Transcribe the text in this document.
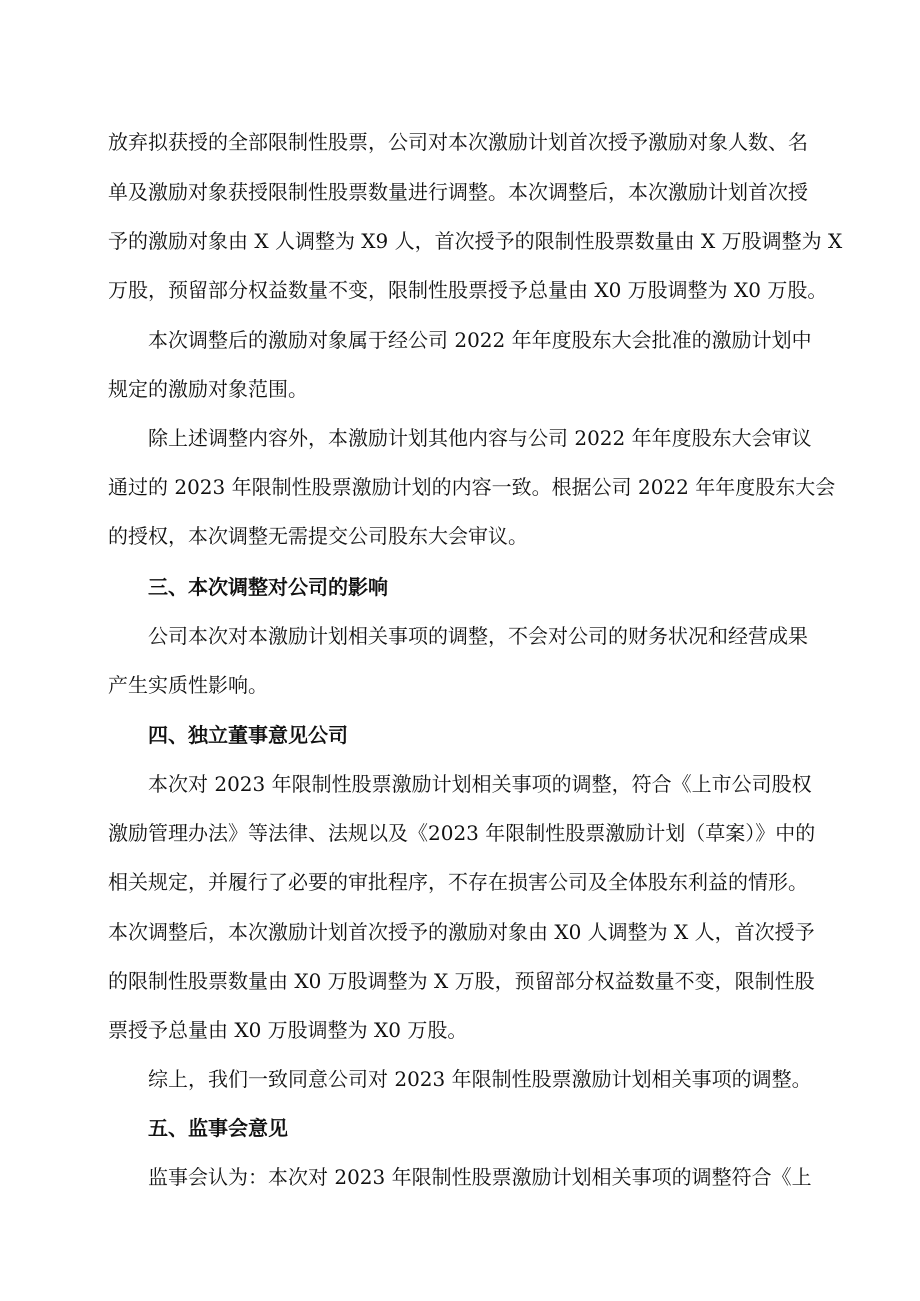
放弃拟获授的全部限制性股票，公司对本次激励计划首次授予激励对象人数、名
单及激励对象获授限制性股票数量进行调整。本次调整后，本次激励计划首次授
予的激励对象由 X 人调整为 X9 人，首次授予的限制性股票数量由 X 万股调整为 X
万股，预留部分权益数量不变，限制性股票授予总量由 X0 万股调整为 X0 万股。
本次调整后的激励对象属于经公司 2022 年年度股东大会批准的激励计划中
规定的激励对象范围。
除上述调整内容外，本激励计划其他内容与公司 2022 年年度股东大会审议
通过的 2023 年限制性股票激励计划的内容一致。根据公司 2022 年年度股东大会
的授权，本次调整无需提交公司股东大会审议。
三、本次调整对公司的影响
公司本次对本激励计划相关事项的调整，不会对公司的财务状况和经营成果
产生实质性影响。
四、独立董事意见公司
本次对 2023 年限制性股票激励计划相关事项的调整，符合《上市公司股权
激励管理办法》等法律、法规以及《2023 年限制性股票激励计划（草案）》中的
相关规定，并履行了必要的审批程序，不存在损害公司及全体股东利益的情形。
本次调整后，本次激励计划首次授予的激励对象由 X0 人调整为 X 人，首次授予
的限制性股票数量由 X0 万股调整为 X 万股，预留部分权益数量不变，限制性股
票授予总量由 X0 万股调整为 X0 万股。
综上，我们一致同意公司对 2023 年限制性股票激励计划相关事项的调整。
五、监事会意见
监事会认为：本次对 2023 年限制性股票激励计划相关事项的调整符合《上
